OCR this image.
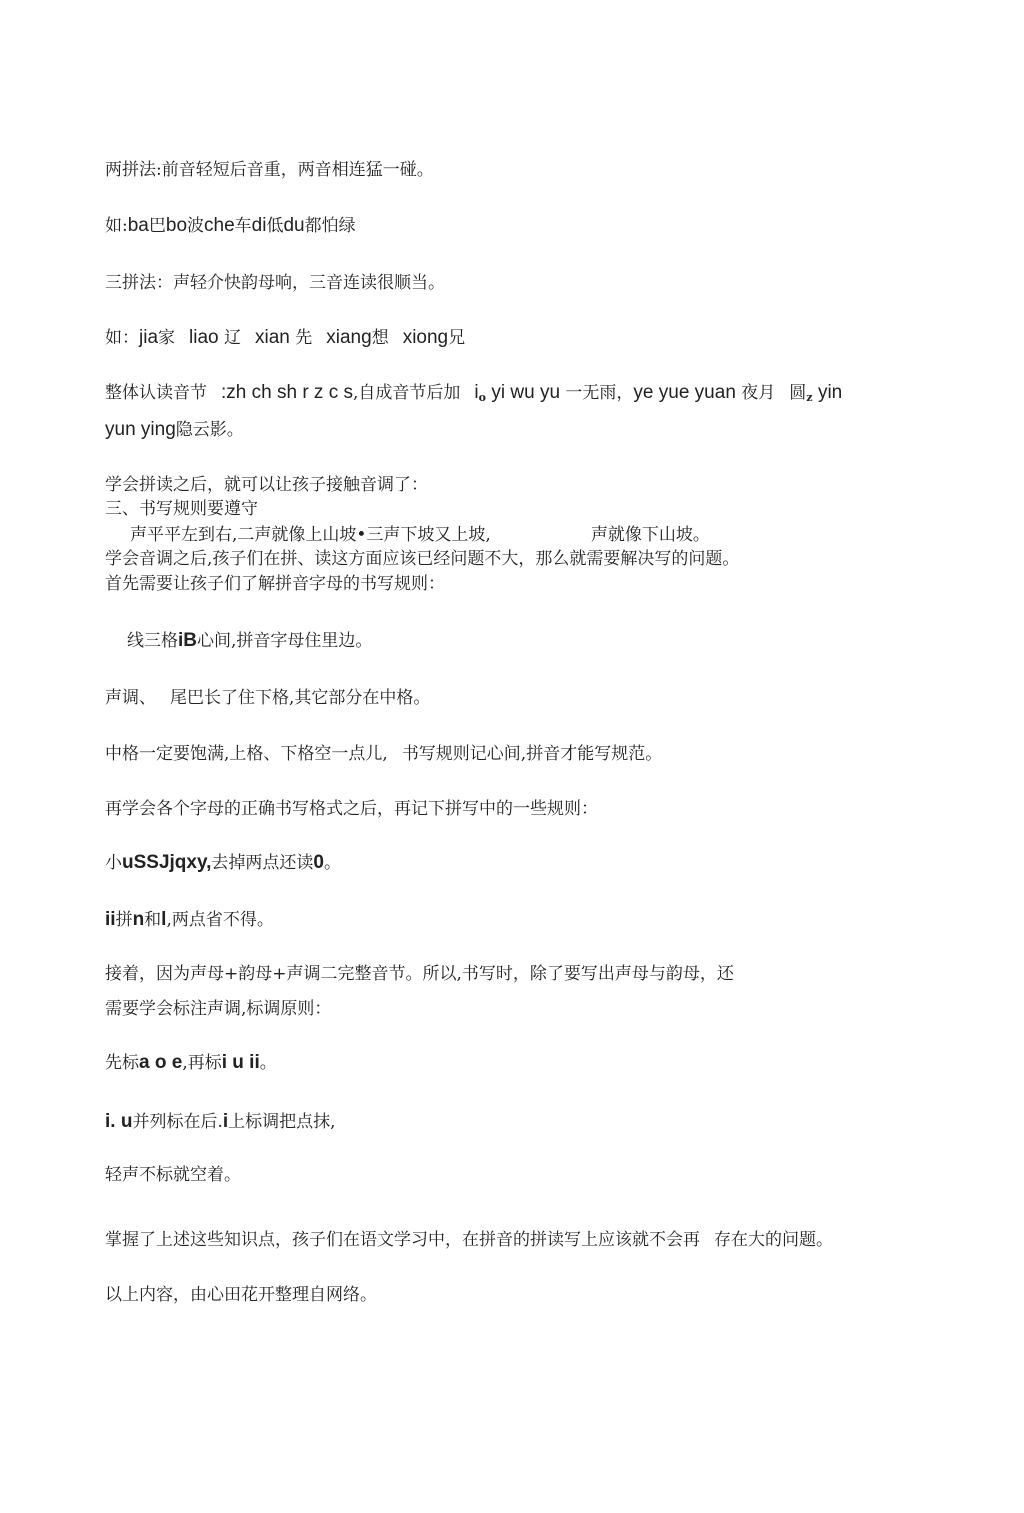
两拼法:前音轻短后音重，两音相连猛一碰。
如:ba巴bo波che车di低du都怕绿
三拼法：声轻介快韵母响，三音连读很顺当。
如：jia家 liao 辽 xian 先 xiang想 xiong兄
整体认读音节 :zh ch sh r z c s,自成音节后加 io yi wu yu 一无雨，ye yue yuan 夜月 圆z yin
yun ying隐云影。
学会拼读之后，就可以让孩子接触音调了：
三、书写规则要遵守
声平平左到右,二声就像上山坡•三声下坡又上坡,	声就像下山坡。
学会音调之后,孩子们在拼、读这方面应该已经问题不大，那么就需要解决写的问题。
首先需要让孩子们了解拼音字母的书写规则：
线三格iB心间,拼音字母住里边。
声调、 尾巴长了住下格,其它部分在中格。
中格一定要饱满,上格、下格空一点儿, 书写规则记心间,拼音才能写规范。
再学会各个字母的正确书写格式之后，再记下拼写中的一些规则：
小uSSJjqxy,去掉两点还读0。
ii拼n和l,两点省不得。
接着，因为声母+韵母+声调二完整音节。所以,书写时，除了要写出声母与韵母，还
需要学会标注声调,标调原则：
先标a o e,再标i u ii。
i. u并列标在后.i上标调把点抹,
轻声不标就空着。
掌握了上述这些知识点，孩子们在语文学习中，在拼音的拼读写上应该就不会再 存在大的问题。
以上内容，由心田花开整理自网络。
